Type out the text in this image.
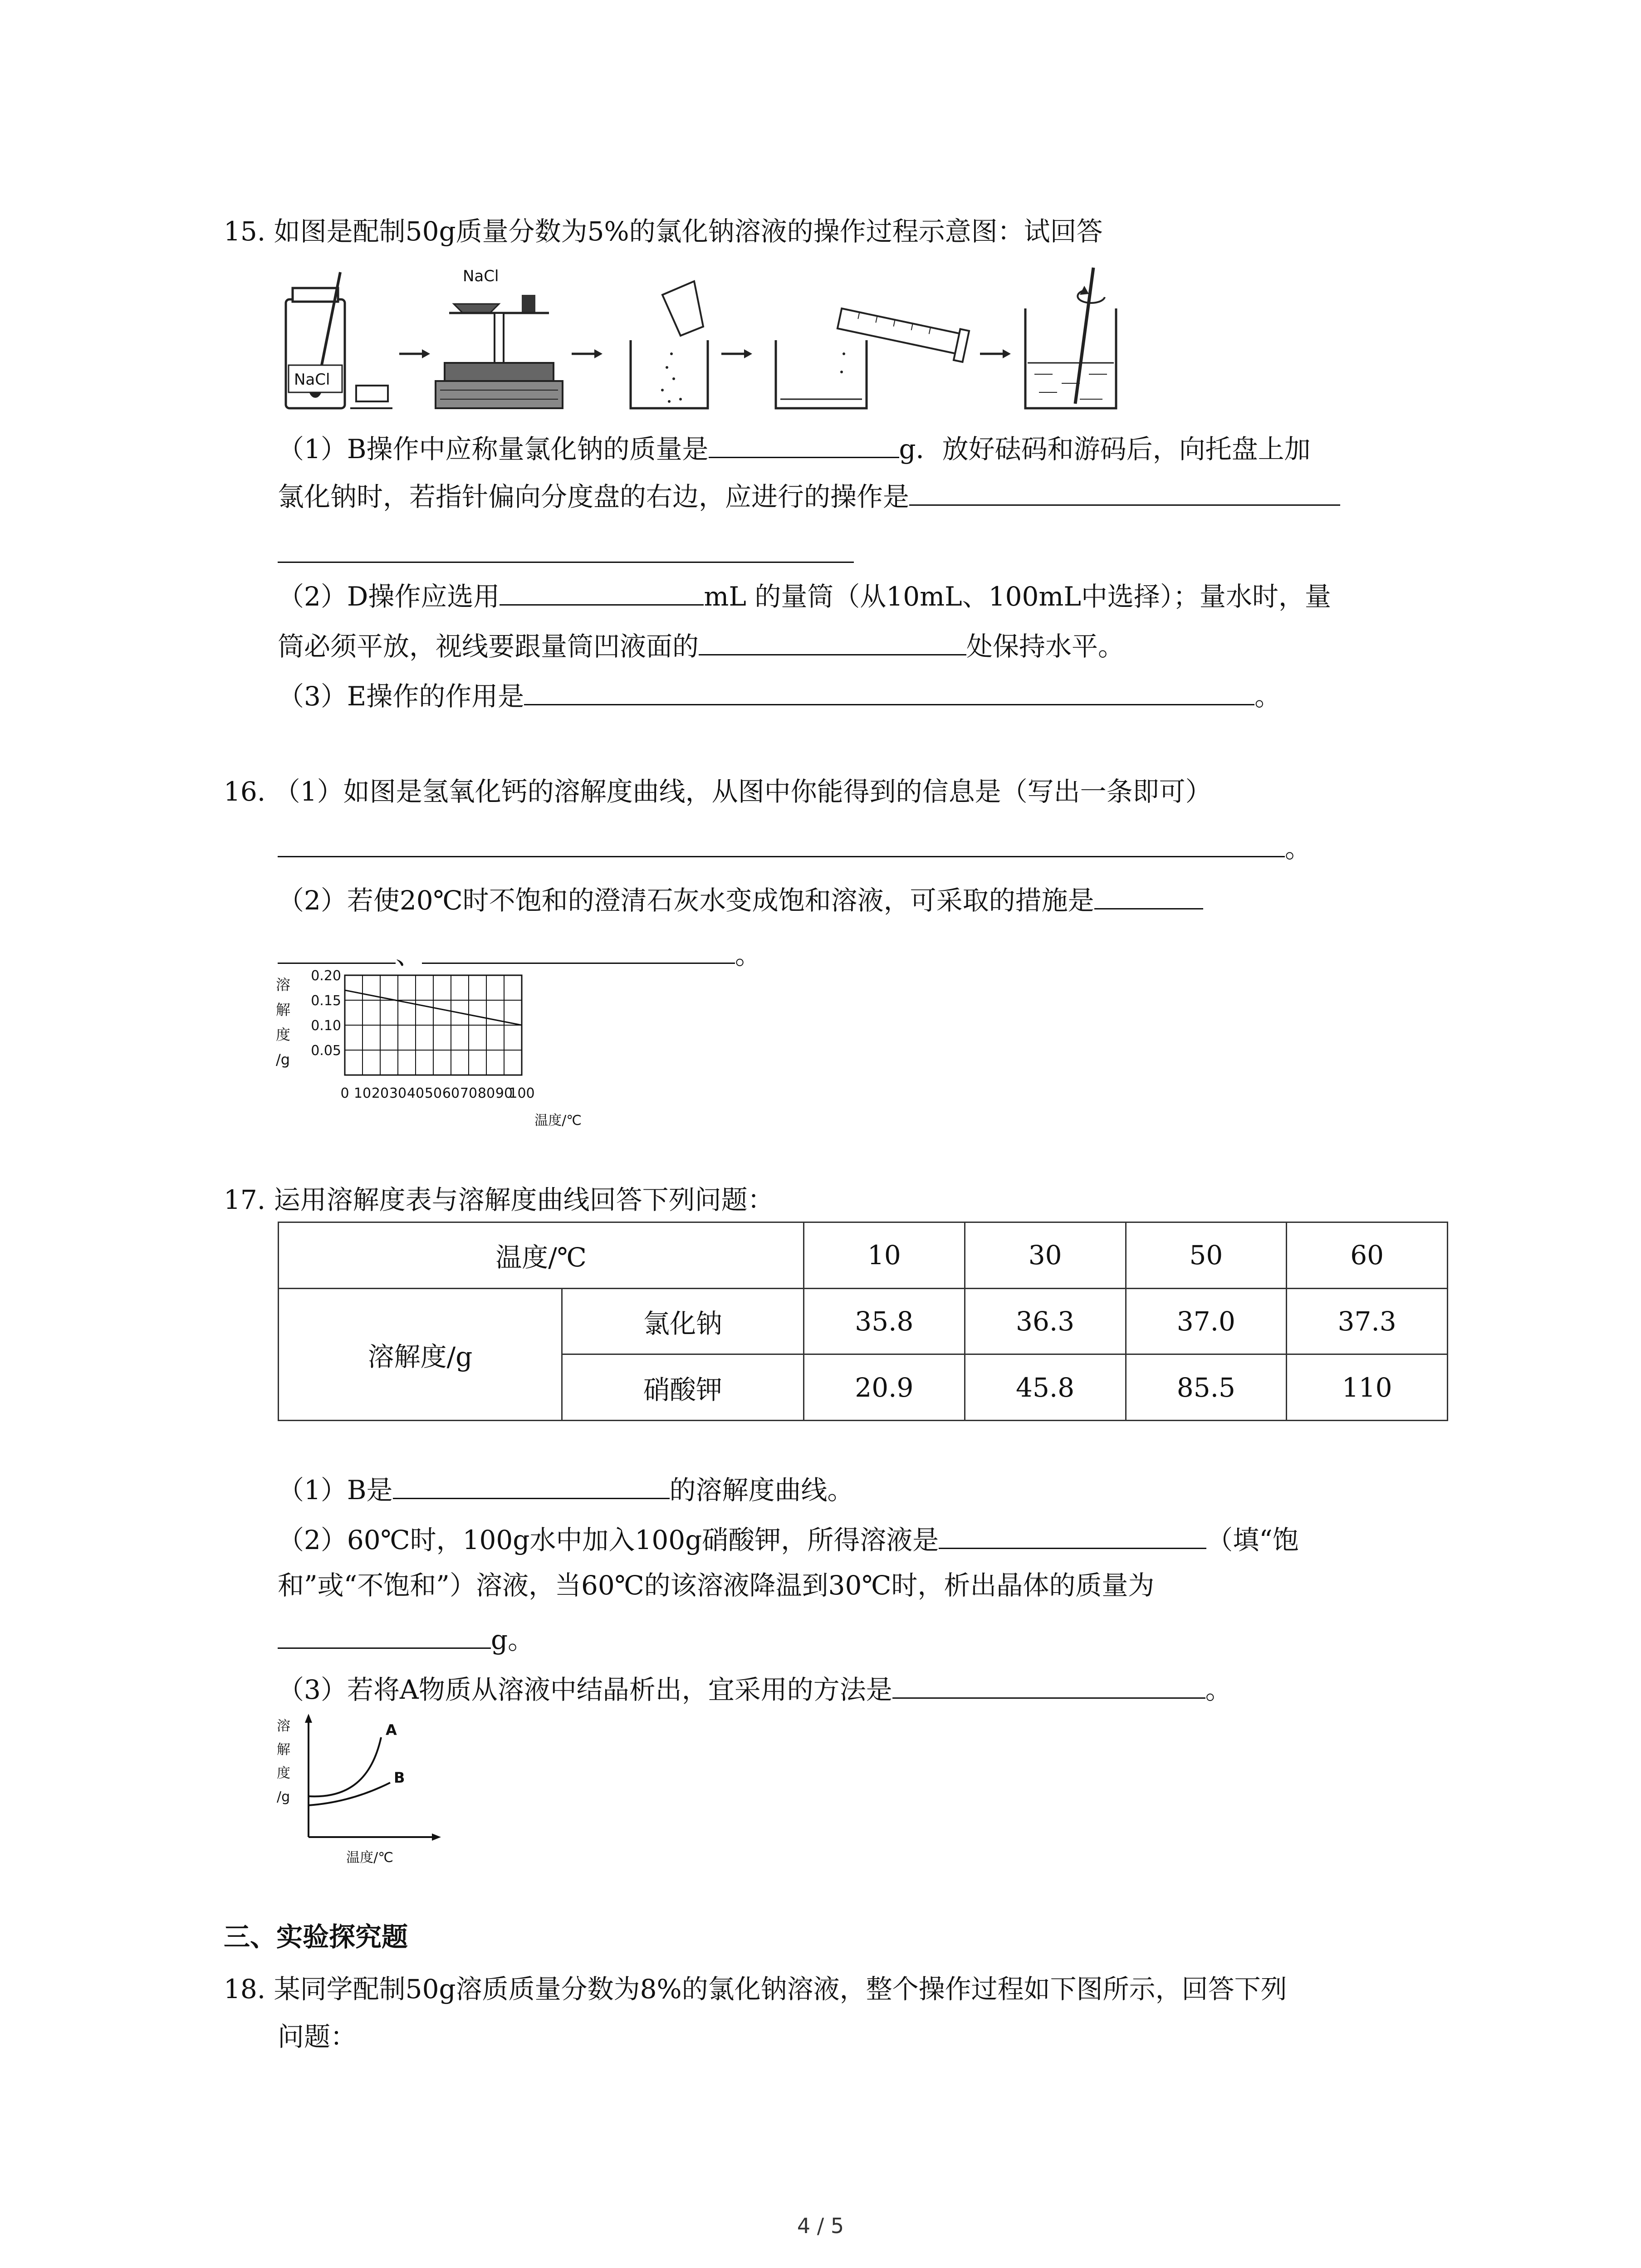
15. 如图是配制50g质量分数为5%的氯化钠溶液的操作过程示意图：试回答
NaCl
NaCl
（1）B操作中应称量氯化钠的质量是	g．放好砝码和游码后，向托盘上加
氯化钠时，若指针偏向分度盘的右边，应进行的操作是
（2）D操作应选用	mL 的量筒（从10mL、100mL中选择）；量水时，量
筒必须平放，视线要跟量筒凹液面的	处保持水平。
（3）E操作的作用是	。
16. （1）如图是氢氧化钙的溶解度曲线，从图中你能得到的信息是（写出一条即可）
。
（2）若使20℃时不饱和的澄清石灰水变成饱和溶液，可采取的措施是
、	。
溶
解
度
/g
0.20
0.15
0.10
0.05
0 10 20 30 40 50 60 70 80 90
100
温度/℃
17. 运用溶解度表与溶解度曲线回答下列问题：
温度/℃		10	30	50	60
溶解度/g	氯化钠	35.8	36.3	37.0	37.3
	硝酸钾	20.9	45.8	85.5	110
（1）B是	的溶解度曲线。
（2）60℃时，100g水中加入100g硝酸钾，所得溶液是	（填“饱
和”或“不饱和”）溶液，当60℃的该溶液降温到30℃时，析出晶体的质量为
g。
（3）若将A物质从溶液中结晶析出，宜采用的方法是	。
溶
解
度
/g
A
B
温度/℃
三、实验探究题
18. 某同学配制50g溶质质量分数为8%的氯化钠溶液，整个操作过程如下图所示，回答下列
问题：
4 / 5
